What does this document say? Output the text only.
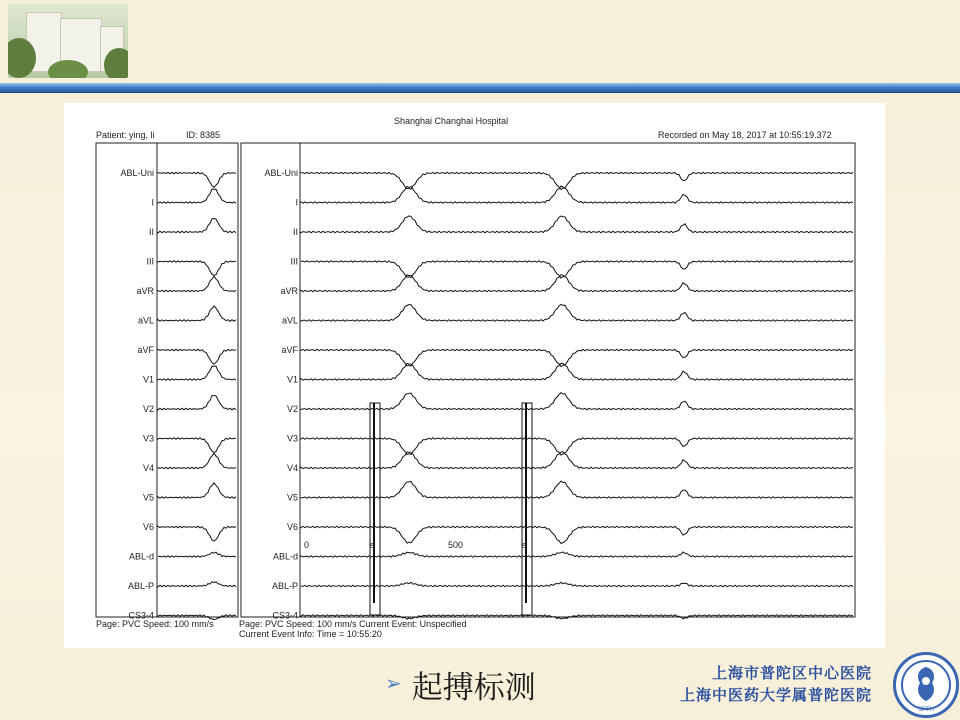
Shanghai Changhai Hospital
Patient: ying, li	ID: 8385	Recorded on May 18, 2017 at 10:55:19.372
ABL-Uni	ABL-Uni
I	I
II	II
III	III
aVR	aVR
aVL	aVL
aVF	aVF
V1	V1
V2	V2
V3	V3
V4	V4
V5	V5
V6	V6
ABL-d	ABL-d
ABL-P	ABL-P
CS3-4	CS3-4
0	s	500	s
Page: PVC Speed: 100 mm/s	Page: PVC Speed: 100 mm/s Current Event: Unspecified
Current Event Info: Time = 10:55:20
➢ 起搏标测	上海市普陀区中心医院
上海中医药大学属普陀医院
SPTH
